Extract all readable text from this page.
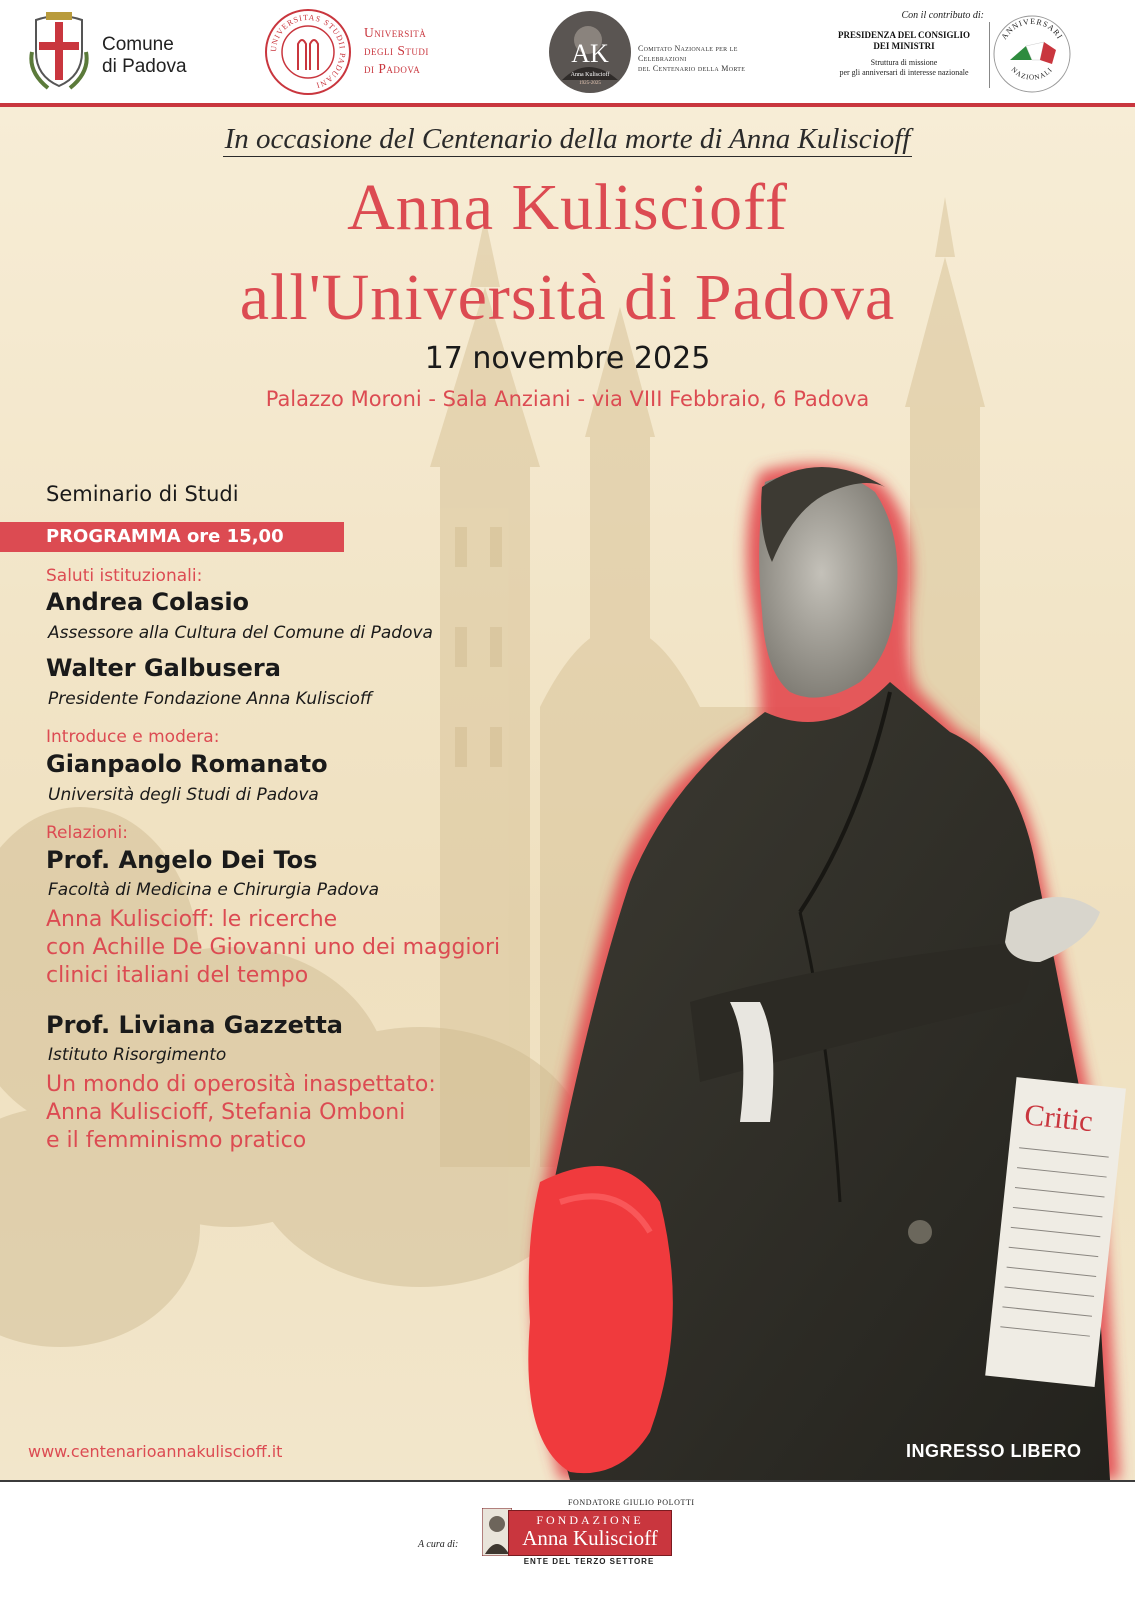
Comune
di Padova
UNIVERSITAS STUDII PADUANI
Università
degli Studi
di Padova
AK
Anna Kuliscioff
1925-2025
Comitato Nazionale per le Celebrazioni
del Centenario della Morte
Con il contributo di:
PRESIDENZA DEL CONSIGLIO
DEI MINISTRI
Struttura di missione
per gli anniversari di interesse nazionale
ANNIVERSARI
NAZIONALI
Critic
In occasione del Centenario della morte di Anna Kuliscioff
Anna Kuliscioff
all'Università di Padova
17 novembre 2025
Palazzo Moroni - Sala Anziani - via VIII Febbraio, 6 Padova
Seminario di Studi
PROGRAMMA ore 15,00
Saluti istituzionali:
Andrea Colasio
Assessore alla Cultura del Comune di Padova
Walter Galbusera
Presidente Fondazione Anna Kuliscioff
Introduce e modera:
Gianpaolo Romanato
Università degli Studi di Padova
Relazioni:
Prof. Angelo Dei Tos
Facoltà di Medicina e Chirurgia Padova
Anna Kuliscioff: le ricerche
con Achille De Giovanni uno dei maggiori
clinici italiani del tempo
Prof. Liviana Gazzetta
Istituto Risorgimento
Un mondo di operosità inaspettato:
Anna Kuliscioff, Stefania Omboni
e il femminismo pratico
www.centenarioannakuliscioff.it	INGRESSO LIBERO
A cura di:
FONDATORE GIULIO POLOTTI
FONDAZIONE
Anna Kuliscioff
ENTE DEL TERZO SETTORE
